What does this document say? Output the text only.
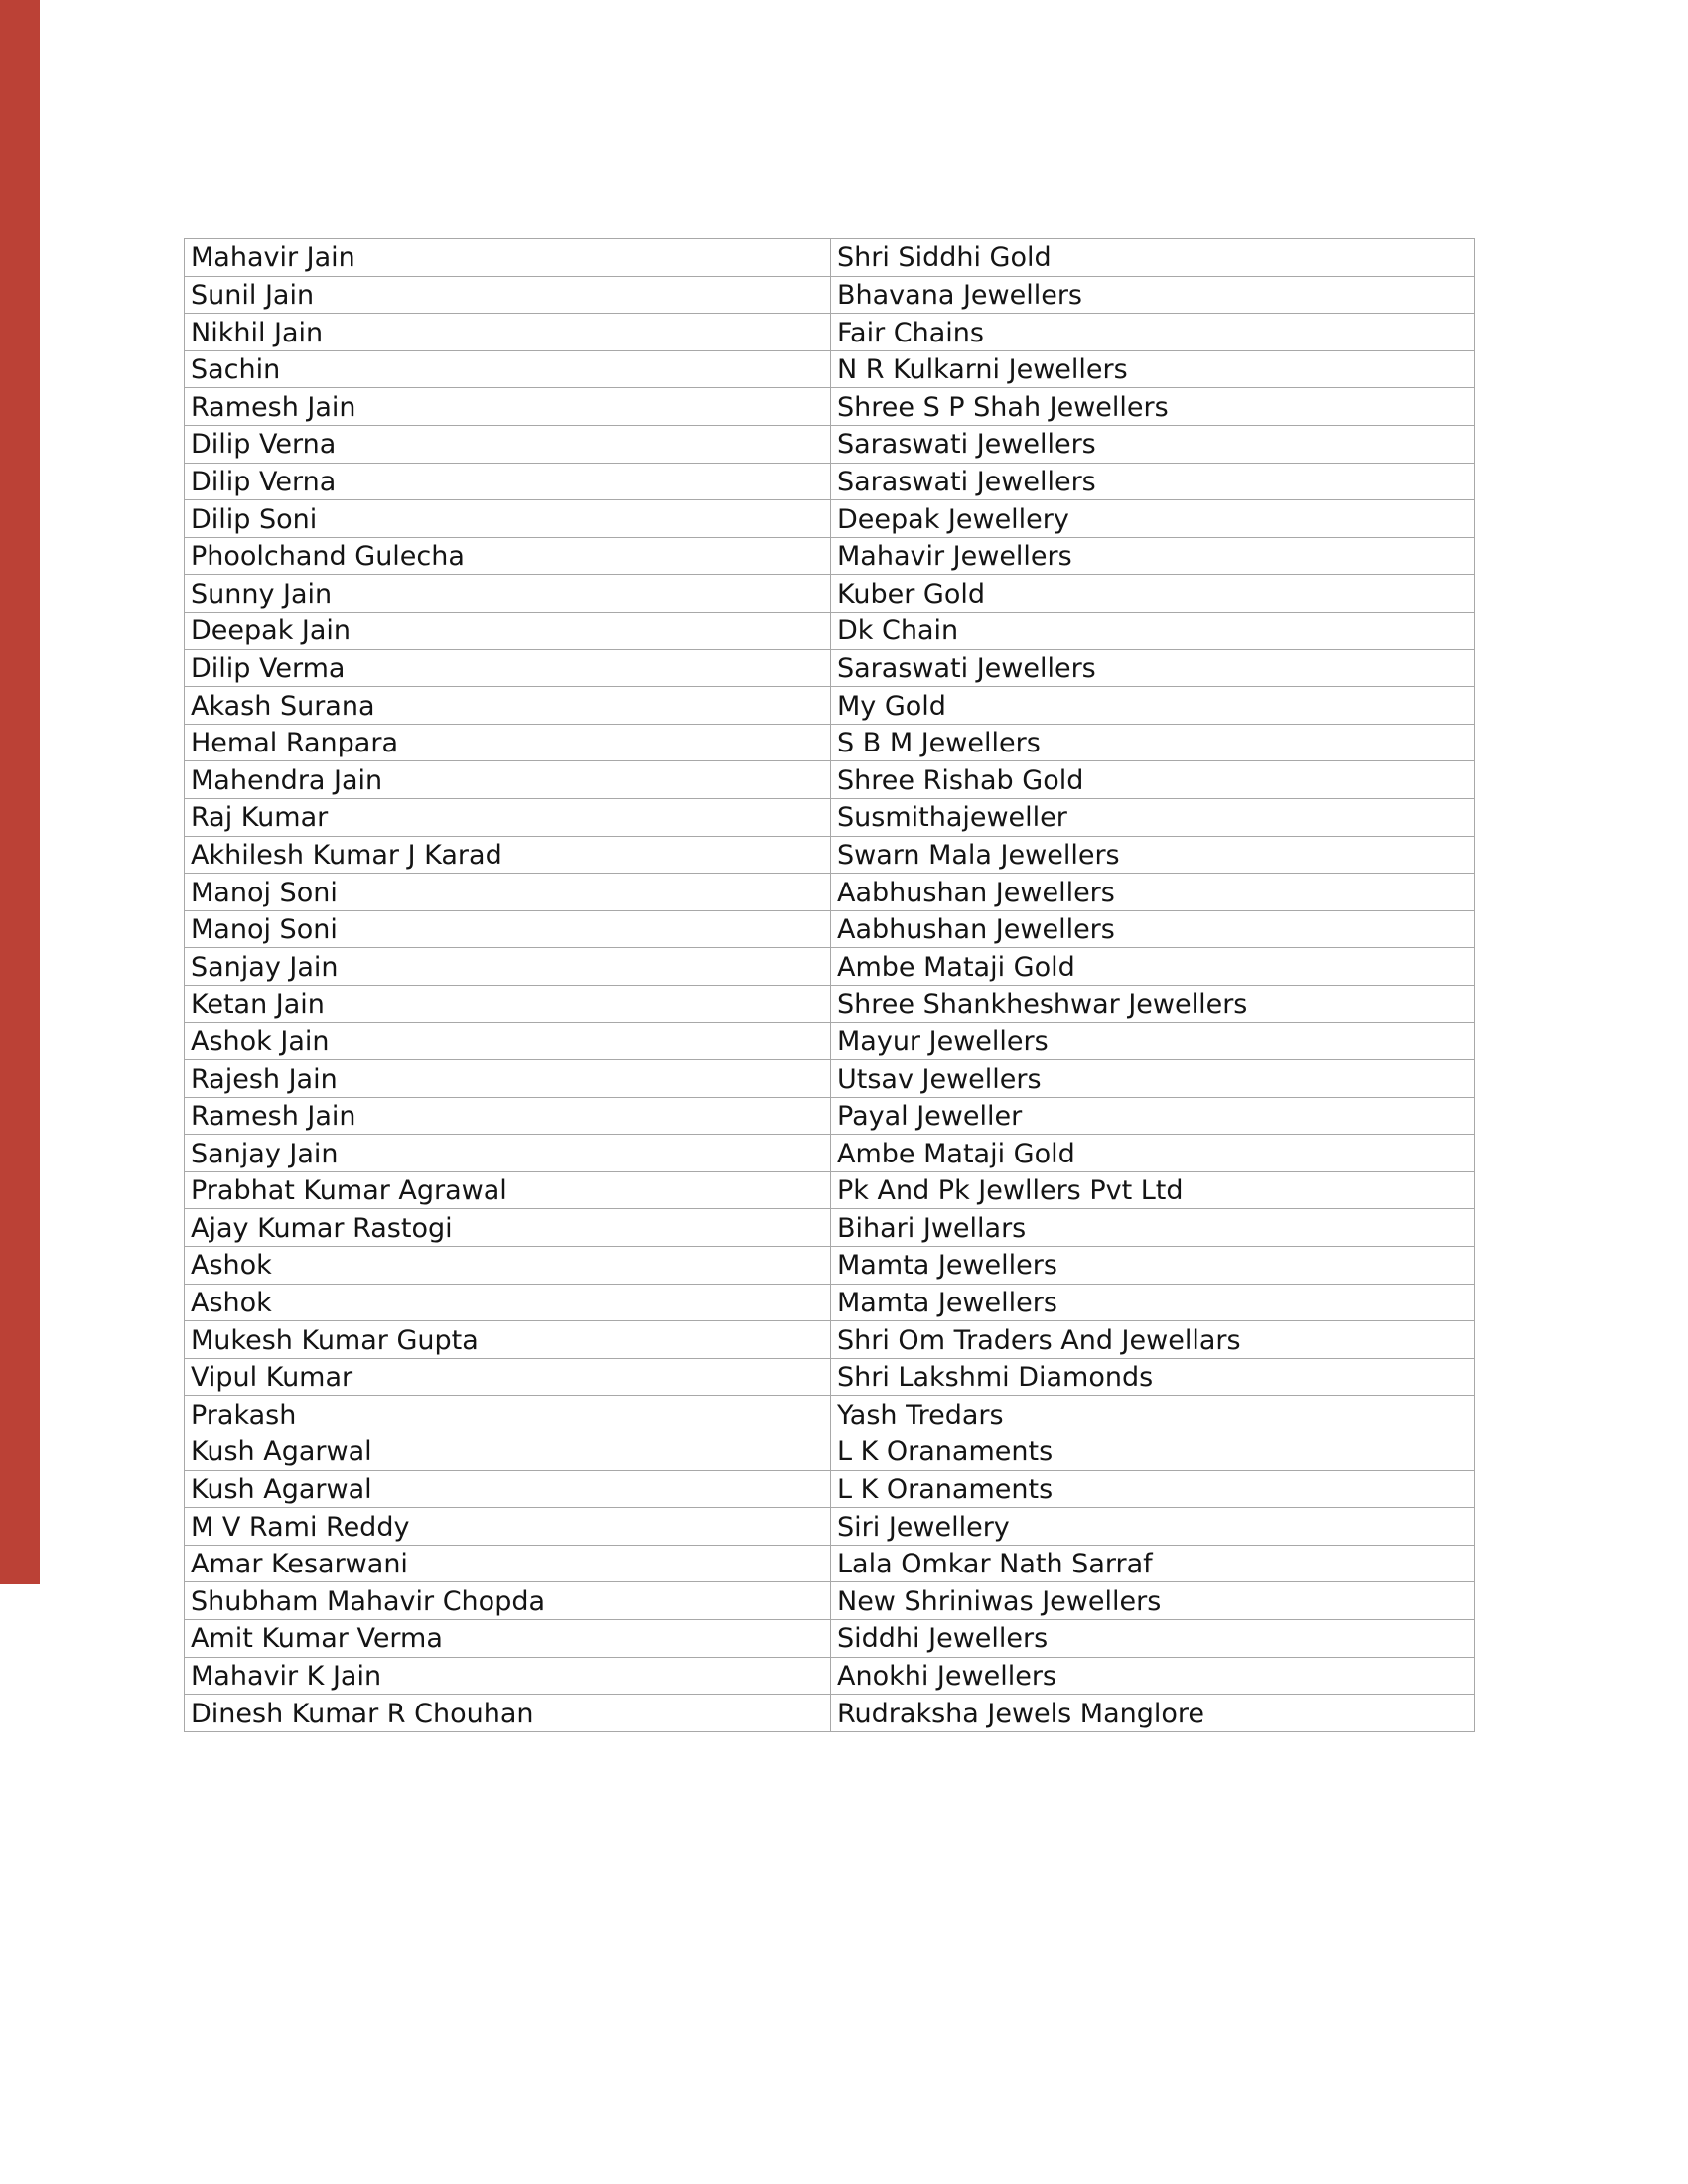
Mahavir Jain	Shri Siddhi Gold
Sunil Jain	Bhavana Jewellers
Nikhil Jain	Fair Chains
Sachin	N R Kulkarni Jewellers
Ramesh Jain	Shree S P Shah Jewellers
Dilip Verna	Saraswati Jewellers
Dilip Verna	Saraswati Jewellers
Dilip Soni	Deepak Jewellery
Phoolchand Gulecha	Mahavir Jewellers
Sunny Jain	Kuber Gold
Deepak Jain	Dk Chain
Dilip Verma	Saraswati Jewellers
Akash Surana	My Gold
Hemal Ranpara	S B M Jewellers
Mahendra Jain	Shree Rishab Gold
Raj Kumar	Susmithajeweller
Akhilesh Kumar J Karad	Swarn Mala Jewellers
Manoj Soni	Aabhushan Jewellers
Manoj Soni	Aabhushan Jewellers
Sanjay Jain	Ambe Mataji Gold
Ketan Jain	Shree Shankheshwar Jewellers
Ashok Jain	Mayur Jewellers
Rajesh Jain	Utsav Jewellers
Ramesh Jain	Payal Jeweller
Sanjay Jain	Ambe Mataji Gold
Prabhat Kumar Agrawal	Pk And Pk Jewllers Pvt Ltd
Ajay Kumar Rastogi	Bihari Jwellars
Ashok	Mamta Jewellers
Ashok	Mamta Jewellers
Mukesh Kumar Gupta	Shri Om Traders And Jewellars
Vipul Kumar	Shri Lakshmi Diamonds
Prakash	Yash Tredars
Kush Agarwal	L K Oranaments
Kush Agarwal	L K Oranaments
M V Rami Reddy	Siri Jewellery
Amar Kesarwani	Lala Omkar Nath Sarraf
Shubham Mahavir Chopda	New Shriniwas Jewellers
Amit Kumar Verma	Siddhi Jewellers
Mahavir K Jain	Anokhi Jewellers
Dinesh Kumar R Chouhan	Rudraksha Jewels Manglore
